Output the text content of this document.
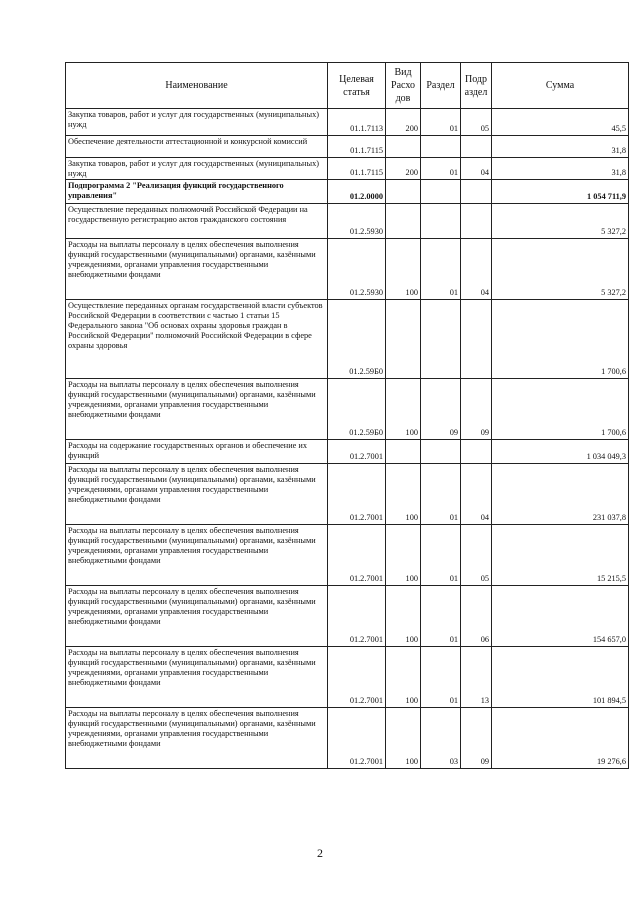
Наименование	Целевая статья	Вид Расхо дов	Раздел	Подр аздел	Сумма
Закупка товаров, работ и услуг для государственных (муниципальных) нужд	01.1.7113	200	01	05	45,5
Обеспечение деятельности аттестационной и конкурсной комиссий	01.1.7115				31,8
Закупка товаров, работ и услуг для государственных (муниципальных) нужд	01.1.7115	200	01	04	31,8
Подпрограмма 2 "Реализация функций государственного управления"	01.2.0000				1 054 711,9
Осуществление переданных полномочий Российской Федерации на государственную регистрацию актов гражданского состояния	01.2.5930				5 327,2
Расходы на выплаты персоналу в целях обеспечения выполнения функций государственными (муниципальными) органами, казёнными учреждениями, органами управления государственными внебюджетными фондами	01.2.5930	100	01	04	5 327,2
Осуществление переданных органам государственной власти субъектов Российской Федерации в соответствии с частью 1 статьи 15 Федерального закона "Об основах охраны здоровья граждан в Российской Федерации" полномочий Российской Федерации в сфере охраны здоровья	01.2.59Б0				1 700,6
Расходы на выплаты персоналу в целях обеспечения выполнения функций государственными (муниципальными) органами, казёнными учреждениями, органами управления государственными внебюджетными фондами	01.2.59Б0	100	09	09	1 700,6
Расходы на содержание государственных органов и обеспечение их функций	01.2.7001				1 034 049,3
Расходы на выплаты персоналу в целях обеспечения выполнения функций государственными (муниципальными) органами, казёнными учреждениями, органами управления государственными внебюджетными фондами	01.2.7001	100	01	04	231 037,8
Расходы на выплаты персоналу в целях обеспечения выполнения функций государственными (муниципальными) органами, казёнными учреждениями, органами управления государственными внебюджетными фондами	01.2.7001	100	01	05	15 215,5
Расходы на выплаты персоналу в целях обеспечения выполнения функций государственными (муниципальными) органами, казёнными учреждениями, органами управления государственными внебюджетными фондами	01.2.7001	100	01	06	154 657,0
Расходы на выплаты персоналу в целях обеспечения выполнения функций государственными (муниципальными) органами, казёнными учреждениями, органами управления государственными внебюджетными фондами	01.2.7001	100	01	13	101 894,5
Расходы на выплаты персоналу в целях обеспечения выполнения функций государственными (муниципальными) органами, казёнными учреждениями, органами управления государственными внебюджетными фондами	01.2.7001	100	03	09	19 276,6
2
